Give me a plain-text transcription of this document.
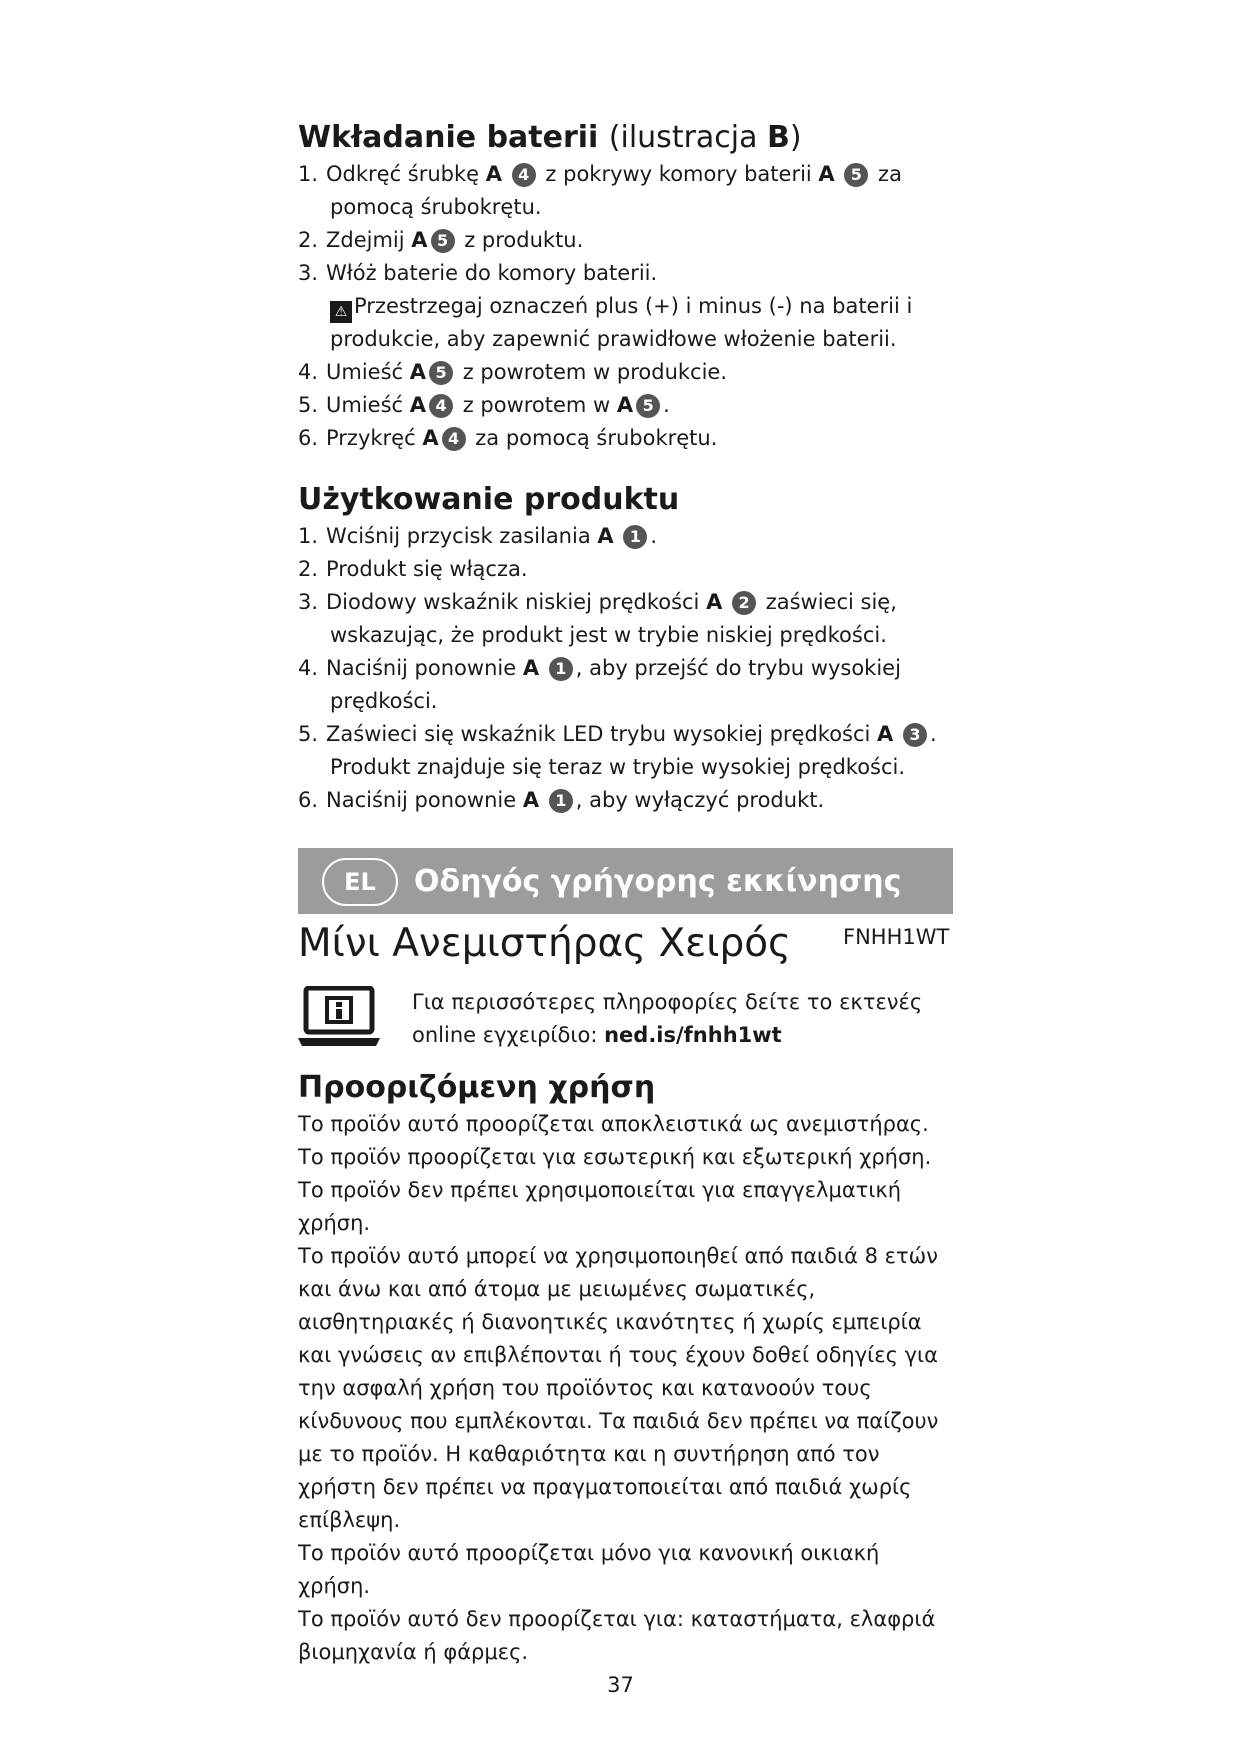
Wkładanie baterii (ilustracja B)
1. Odkręć śrubkę A 4 z pokrywy komory baterii A 5 za pomocą śrubokrętu.
2. Zdejmij A 5 z produktu.
3. Włóż baterie do komory baterii.

⚠ Przestrzegaj oznaczeń plus (+) i minus (-) na baterii i produkcie, aby zapewnić prawidłowe włożenie baterii.

4. Umieść A 5 z powrotem w produkcie.
5. Umieść A 4 z powrotem w A 5 .
6. Przykręć A 4 za pomocą śrubokrętu.
Użytkowanie produktu
1. Wciśnij przycisk zasilania A 1 .
2. Produkt się włącza.
3. Diodowy wskaźnik niskiej prędkości A 2 zaświeci się, wskazując, że produkt jest w trybie niskiej prędkości.
4. Naciśnij ponownie A 1 , aby przejść do trybu wysokiej prędkości.
5. Zaświeci się wskaźnik LED trybu wysokiej prędkości A 3 . Produkt znajduje się teraz w trybie wysokiej prędkości.
6. Naciśnij ponownie A 1 , aby wyłączyć produkt.
EL	Οδηγός γρήγορης εκκίνησης
Μίνι Ανεμιστήρας Χειρός FNHH1WT
Για περισσότερες πληροφορίες δείτε το εκτενές online εγχειρίδιο: ned.is/fnhh1wt
Προοριζόμενη χρήση

Το προϊόν αυτό προορίζεται αποκλειστικά ως ανεμιστήρας.

Το προϊόν προορίζεται για εσωτερική και εξωτερική χρήση.

Το προϊόν δεν πρέπει χρησιμοποιείται για επαγγελματική χρήση.

Το προϊόν αυτό μπορεί να χρησιμοποιηθεί από παιδιά 8 ετών και άνω και από άτομα με μειωμένες σωματικές, αισθητηριακές ή διανοητικές ικανότητες ή χωρίς εμπειρία και γνώσεις αν επιβλέπονται ή τους έχουν δοθεί οδηγίες για την ασφαλή χρήση του προϊόντος και κατανοούν τους κίνδυνους που εμπλέκονται. Τα παιδιά δεν πρέπει να παίζουν με το προϊόν. Η καθαριότητα και η συντήρηση από τον χρήστη δεν πρέπει να πραγματοποιείται από παιδιά χωρίς επίβλεψη.

Το προϊόν αυτό προορίζεται μόνο για κανονική οικιακή χρήση.

Το προϊόν αυτό δεν προορίζεται για: καταστήματα, ελαφριά βιομηχανία ή φάρμες.

37
